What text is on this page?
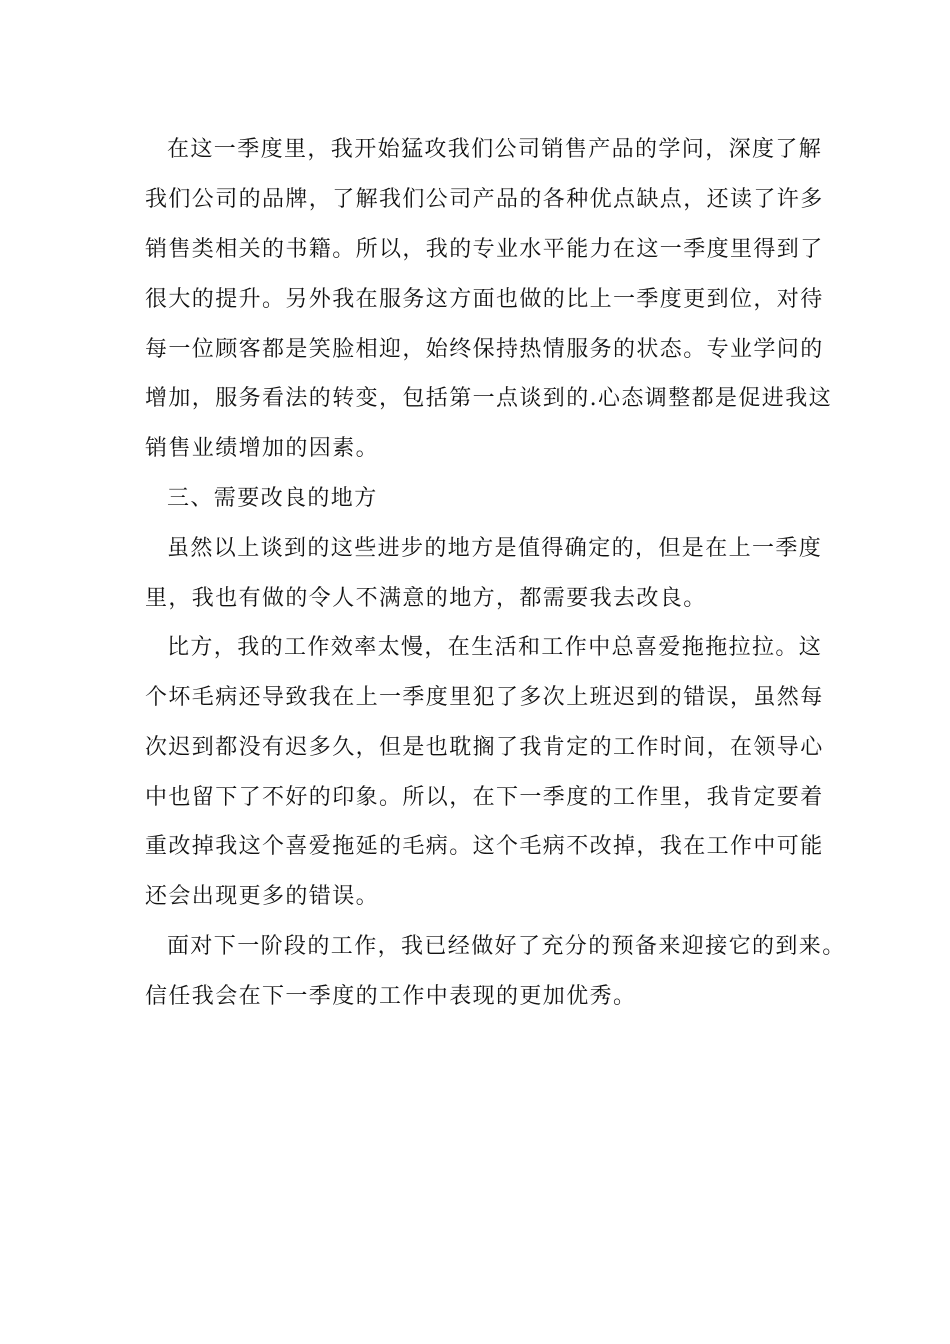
在这一季度里，我开始猛攻我们公司销售产品的学问，深度了解
我们公司的品牌，了解我们公司产品的各种优点缺点，还读了许多
销售类相关的书籍。所以，我的专业水平能力在这一季度里得到了
很大的提升。另外我在服务这方面也做的比上一季度更到位，对待
每一位顾客都是笑脸相迎，始终保持热情服务的状态。专业学问的
增加，服务看法的转变，包括第一点谈到的.心态调整都是促进我这
销售业绩增加的因素。
三、需要改良的地方
虽然以上谈到的这些进步的地方是值得确定的，但是在上一季度
里，我也有做的令人不满意的地方，都需要我去改良。
比方，我的工作效率太慢，在生活和工作中总喜爱拖拖拉拉。这
个坏毛病还导致我在上一季度里犯了多次上班迟到的错误，虽然每
次迟到都没有迟多久，但是也耽搁了我肯定的工作时间，在领导心
中也留下了不好的印象。所以，在下一季度的工作里，我肯定要着
重改掉我这个喜爱拖延的毛病。这个毛病不改掉，我在工作中可能
还会出现更多的错误。
面对下一阶段的工作，我已经做好了充分的预备来迎接它的到来。
信任我会在下一季度的工作中表现的更加优秀。
